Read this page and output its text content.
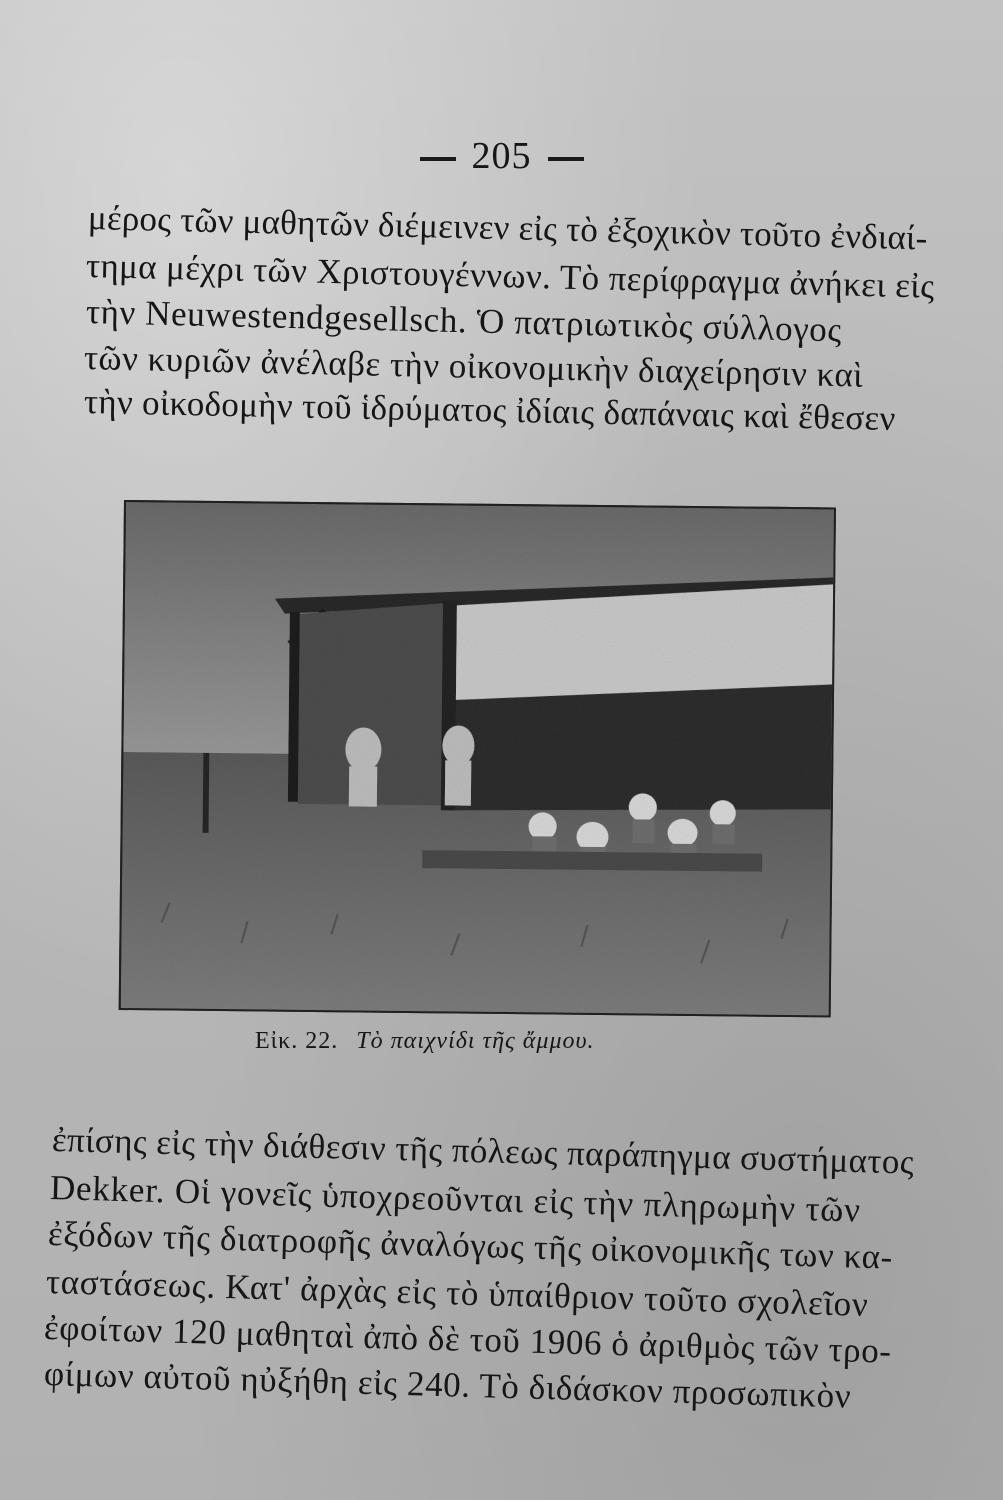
205
μέρος τῶν μαθητῶν διέμεινεν εἰς τὸ ἐξοχικὸν τοῦτο ἐνδιαί-
τημα μέχρι τῶν Χριστουγέννων. Τὸ περίφραγμα ἀνήκει εἰς
τὴν Neuwestendgesellsch. Ὁ πατριωτικὸς σύλλογος
τῶν κυριῶν ἀνέλαβε τὴν οἰκονομικὴν διαχείρησιν καὶ
τὴν οἰκοδομὴν τοῦ ἱδρύματος ἰδίαις δαπάναις καὶ ἔθεσεν
Εἰκ. 22. Τὸ παιχνίδι τῆς ἄμμου.
ἐπίσης εἰς τὴν διάθεσιν τῆς πόλεως παράπηγμα συστήματος
Dekker. Οἱ γονεῖς ὑποχρεοῦνται εἰς τὴν πληρωμὴν τῶν
ἐξόδων τῆς διατροφῆς ἀναλόγως τῆς οἰκονομικῆς των κα-
ταστάσεως. Κατ' ἀρχὰς εἰς τὸ ὑπαίθριον τοῦτο σχολεῖον
ἐφοίτων 120 μαθηταὶ ἀπὸ δὲ τοῦ 1906 ὁ ἀριθμὸς τῶν τρο-
φίμων αὐτοῦ ηὐξήθη εἰς 240. Τὸ διδάσκον προσωπικὸν
